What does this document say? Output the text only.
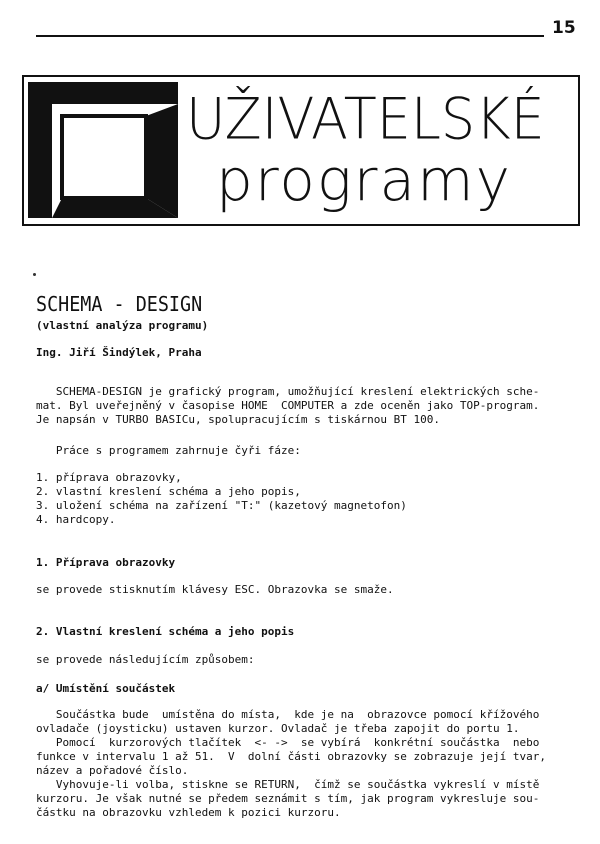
15
UŽIVATELSKÉ
programy
SCHEMA - DESIGN
(vlastní analýza programu)
Ing. Jiří Šindýlek, Praha
SCHEMA-DESIGN je grafický program, umožňující kreslení elektrických sche-
mat. Byl uveřejněný v časopise HOME  COMPUTER a zde oceněn jako TOP-program.
Je napsán v TURBO BASICu, spolupracujícím s tiskárnou BT 100.
Práce s programem zahrnuje čyři fáze:
1. příprava obrazovky,
2. vlastní kreslení schéma a jeho popis,
3. uložení schéma na zařízení "T:" (kazetový magnetofon)
4. hardcopy.
1. Příprava obrazovky
se provede stisknutím klávesy ESC. Obrazovka se smaže.
2. Vlastní kreslení schéma a jeho popis
se provede následujícím způsobem:
a/ Umístění součástek
Součástka bude  umístěna do místa,  kde je na  obrazovce pomocí křížového
ovladače (joysticku) ustaven kurzor. Ovladač je třeba zapojit do portu 1.
Pomocí  kurzorových tlačítek  <- ->  se vybírá  konkrétní součástka  nebo
funkce v intervalu 1 až 51.  V  dolní části obrazovky se zobrazuje její tvar,
název a pořadové číslo.
Vyhovuje-li volba, stiskne se RETURN,  čímž se součástka vykreslí v místě
kurzoru. Je však nutné se předem seznámit s tím, jak program vykresluje sou-
částku na obrazovku vzhledem k pozici kurzoru.
